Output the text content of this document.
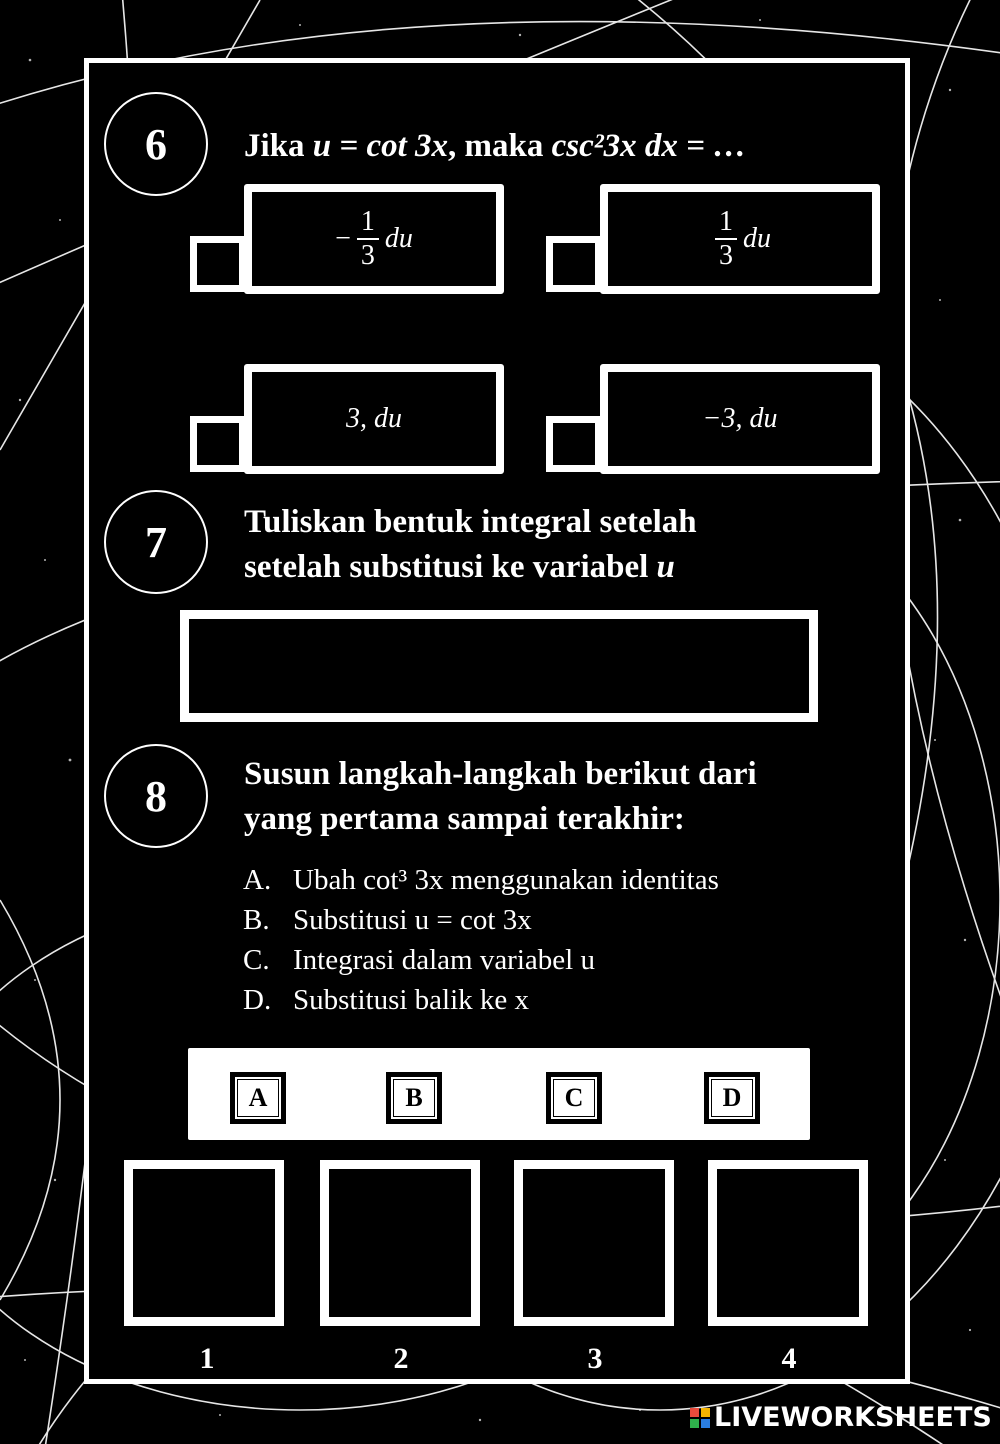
6 Jika u = cot 3x, maka csc²3x dx = …
− $\frac{1}{3}$ du	$\frac{1}{3}$ du
3, du	−3, du
7 Tuliskan bentuk integral setelah
setelah substitusi ke variabel u
8 Susun langkah-langkah berikut dari
yang pertama sampai terakhir:
A. Ubah cot³ 3x menggunakan identitas
B. Substitusi u = cot 3x
C. Integrasi dalam variabel u
D. Substitusi balik ke x
A	B	C	D
1	2	3	4
LIVEWORKSHEETS
